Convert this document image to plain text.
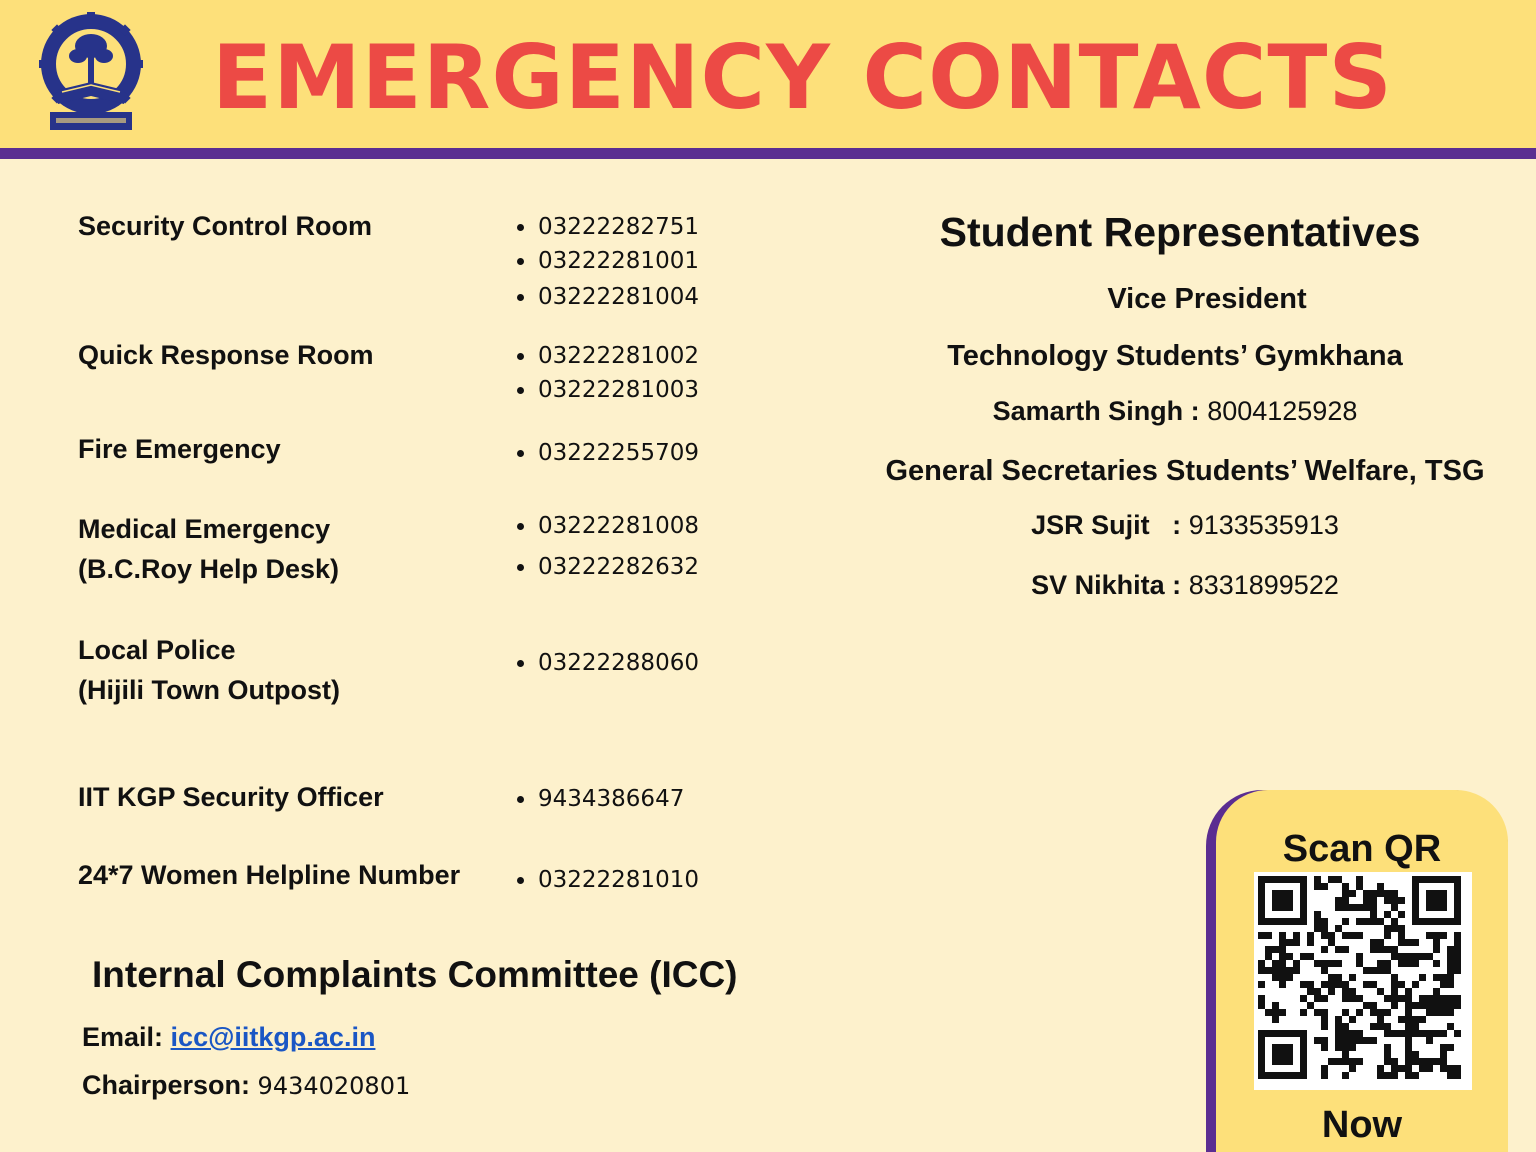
EMERGENCY CONTACTS
Security Control Room	03222282751
03222281001
03222281004
Quick Response Room	03222281002
03222281003
Fire Emergency	03222255709
Medical Emergency
(B.C.Roy Help Desk)
03222281008
03222282632
Local Police
(Hijili Town Outpost)
03222288060
IIT KGP Security Officer	9434386647
24*7 Women Helpline Number	03222281010
Student Representatives
Vice President
Technology Students’ Gymkhana
Samarth Singh : 8004125928
General Secretaries Students’ Welfare, TSG
JSR Sujit : 9133535913
SV Nikhita : 8331899522
Internal Complaints Committee (ICC)
Email: icc@iitkgp.ac.in
Chairperson: 9434020801
Scan QR
Now
